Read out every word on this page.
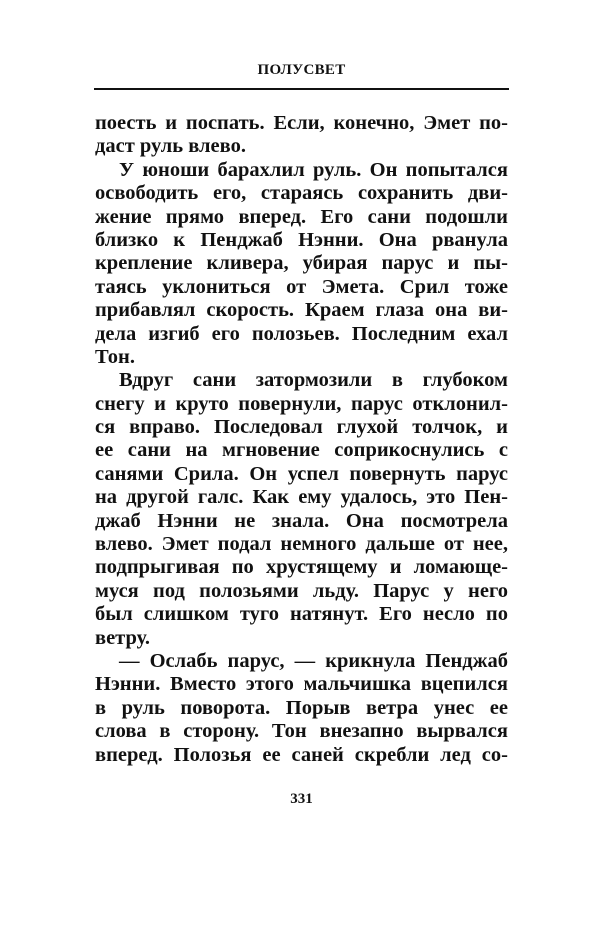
ПОЛУСВЕТ
поесть и поспать. Если, конечно, Эмет по-
даст руль влево.
У юноши барахлил руль. Он попытался
освободить его, стараясь сохранить дви-
жение прямо вперед. Его сани подошли
близко к Пенджаб Нэнни. Она рванула
крепление кливера, убирая парус и пы-
таясь уклониться от Эмета. Срил тоже
прибавлял скорость. Краем глаза она ви-
дела изгиб его полозьев. Последним ехал
Тон.
Вдруг сани затормозили в глубоком
снегу и круто повернули, парус отклонил-
ся вправо. Последовал глухой толчок, и
ее сани на мгновение соприкоснулись с
санями Срила. Он успел повернуть парус
на другой галс. Как ему удалось, это Пен-
джаб Нэнни не знала. Она посмотрела
влево. Эмет подал немного дальше от нее,
подпрыгивая по хрустящему и ломающе-
муся под полозьями льду. Парус у него
был слишком туго натянут. Его несло по
ветру.
— Ослабь парус, — крикнула Пенджаб
Нэнни. Вместо этого мальчишка вцепился
в руль поворота. Порыв ветра унес ее
слова в сторону. Тон внезапно вырвался
вперед. Полозья ее саней скребли лед со-
331
